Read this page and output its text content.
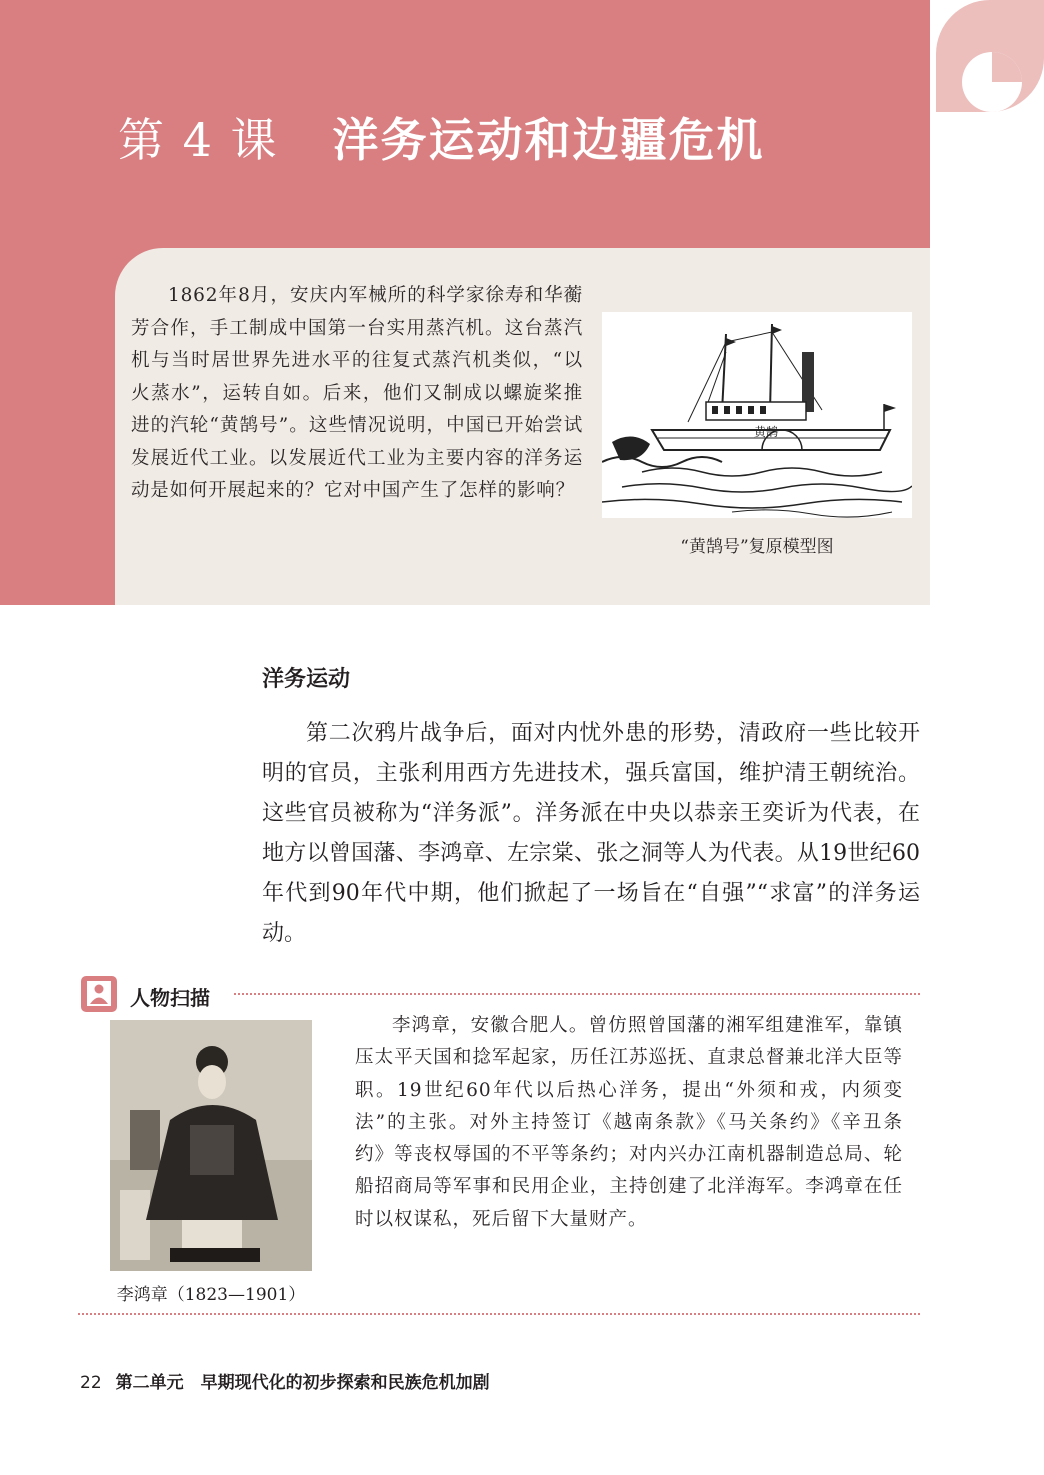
第 4 课 洋务运动和边疆危机

1862年8月，安庆内军械所的科学家徐寿和华蘅芳合作，手工制成中国第一台实用蒸汽机。这台蒸汽机与当时居世界先进水平的往复式蒸汽机类似，“以火蒸水”，运转自如。后来，他们又制成以螺旋桨推进的汽轮“黄鹄号”。这些情况说明，中国已开始尝试发展近代工业。以发展近代工业为主要内容的洋务运动是如何开展起来的？它对中国产生了怎样的影响？

黄鹄
“黄鹄号”复原模型图
洋务运动

第二次鸦片战争后，面对内忧外患的形势，清政府一些比较开明的官员，主张利用西方先进技术，强兵富国，维护清王朝统治。这些官员被称为“洋务派”。洋务派在中央以恭亲王奕䜣为代表，在地方以曾国藩、李鸿章、左宗棠、张之洞等人为代表。从19世纪60年代到90年代中期，他们掀起了一场旨在“自强”“求富”的洋务运动。

人物扫描
李鸿章（1823—1901）

李鸿章，安徽合肥人。曾仿照曾国藩的湘军组建淮军，靠镇压太平天国和捻军起家，历任江苏巡抚、直隶总督兼北洋大臣等职。19世纪60年代以后热心洋务，提出“外须和戎，内须变法”的主张。对外主持签订《越南条款》《马关条约》《辛丑条约》等丧权辱国的不平等条约；对内兴办江南机器制造总局、轮船招商局等军事和民用企业，主持创建了北洋海军。李鸿章在任时以权谋私，死后留下大量财产。

22 第二单元　早期现代化的初步探索和民族危机加剧
